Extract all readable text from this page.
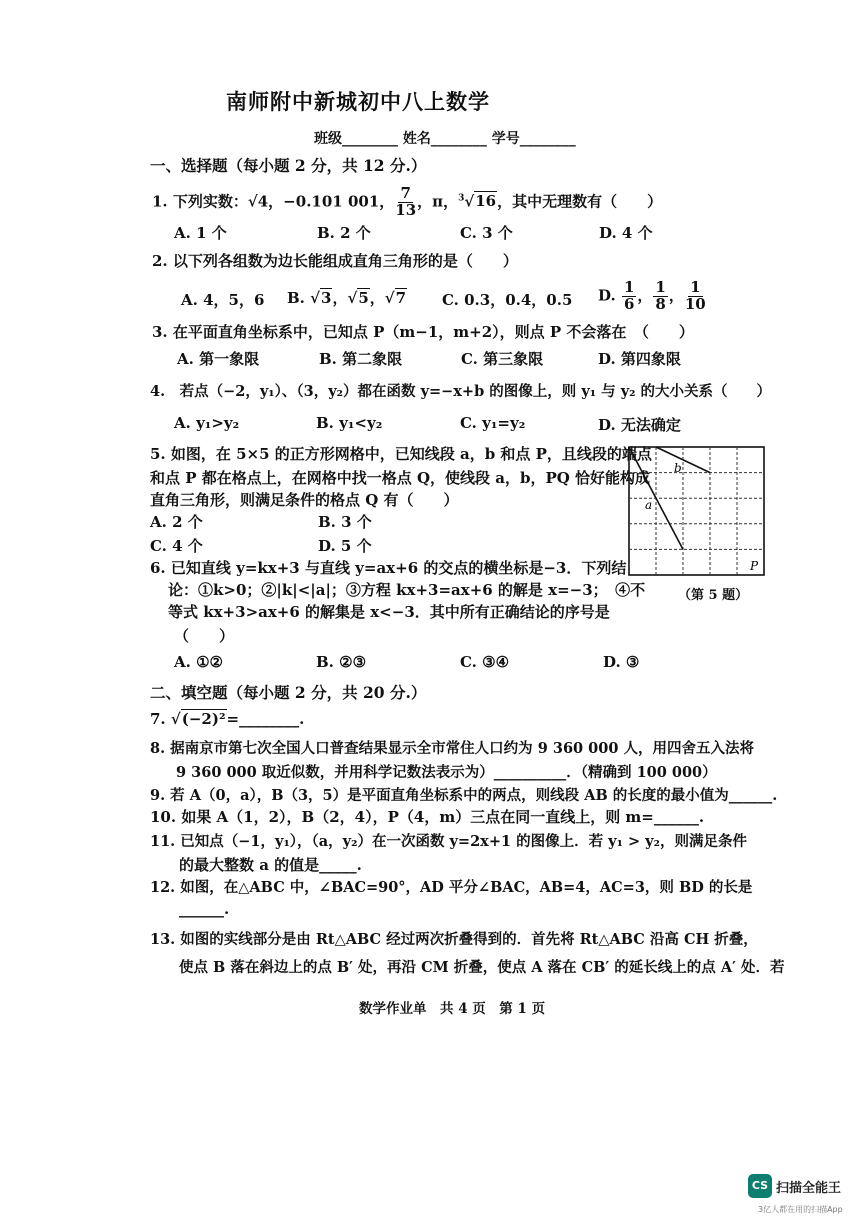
南师附中新城初中八上数学
班级________ 姓名________ 学号________
一、选择题（每小题 2 分，共 12 分.）
1. 下列实数：√4，−0.101 001， $\frac{7}{13}$ ，π，$^3$√16，其中无理数有（　　）
A. 1 个	B. 2 个	C. 3 个	D. 4 个
2. 以下列各组数为边长能组成直角三角形的是（　　）
A. 4，5，6 B. √3，√5，√7 C. 0.3，0.4，0.5 D. $\frac{1}{6}$ ， $\frac{1}{8}$ ， $\frac{1}{10}$
3. 在平面直角坐标系中，已知点 P（m−1，m+2），则点 P 不会落在　（　　）
A. 第一象限	B. 第二象限	C. 第三象限	D. 第四象限
4.　若点（−2，y₁）、（3，y₂）都在函数 y=−x+b 的图像上，则 y₁ 与 y₂ 的大小关系（　　）
A. y₁>y₂	B. y₁<y₂	C. y₁=y₂	D. 无法确定
5. 如图，在 5×5 的正方形网格中，已知线段 a，b 和点 P，且线段的端点
和点 P 都在格点上，在网格中找一格点 Q，使线段 a，b，PQ 恰好能构成
直角三角形，则满足条件的格点 Q 有（　　）
A. 2 个	B. 3 个
C. 4 个	D. 5 个
b
a
P
（第 5 题）
6. 已知直线 y=kx+3 与直线 y=ax+6 的交点的横坐标是−3．下列结
论：①k>0；②|k|<|a|；③方程 kx+3=ax+6 的解是 x=−3；　④不
等式 kx+3>ax+6 的解集是 x<−3．其中所有正确结论的序号是
（　　）
A. ①②	B. ②③	C. ③④	D. ③
二、填空题（每小题 2 分，共 20 分.）
7. √(−2)²=________.
8. 据南京市第七次全国人口普查结果显示全市常住人口约为 9 360 000 人，用四舍五入法将
9 360 000 取近似数，并用科学记数法表示为）__________．（精确到 100 000）
9. 若 A（0，a），B（3，5）是平面直角坐标系中的两点，则线段 AB 的长度的最小值为______.
10. 如果 A（1，2），B（2，4），P（4，m）三点在同一直线上，则 m=______.
11. 已知点（−1，y₁），（a，y₂）在一次函数 y=2x+1 的图像上．若 y₁ > y₂，则满足条件
的最大整数 a 的值是_____.
12. 如图，在△ABC 中，∠BAC=90°，AD 平分∠BAC，AB=4，AC=3，则 BD 的长是
______.
13. 如图的实线部分是由 Rt△ABC 经过两次折叠得到的．首先将 Rt△ABC 沿高 CH 折叠，
使点 B 落在斜边上的点 B′ 处，再沿 CM 折叠，使点 A 落在 CB′ 的延长线上的点 A′ 处．若
数学作业单　共 4 页　第 1 页
CS 扫描全能王
3亿人都在用的扫描App
